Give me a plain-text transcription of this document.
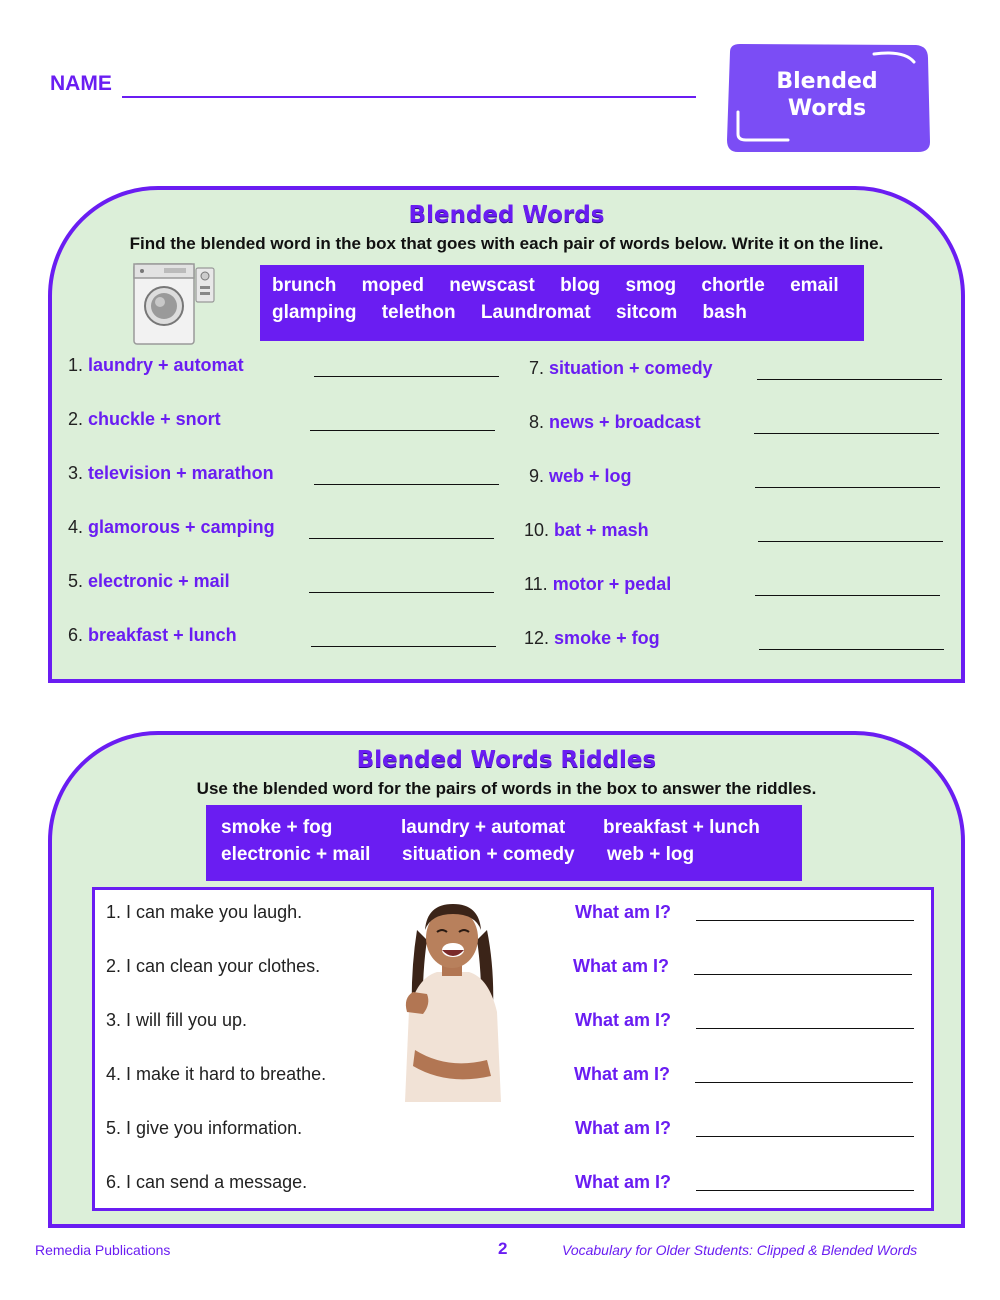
NAME	Blended
Words
Blended Words
Find the blended word in the box that goes with each pair of words below. Write it on the line.
brunch moped newscast blog smog chortle email
glamping telethon Laundromat sitcom bash
1. laundry + automat
2. chuckle + snort
3. television + marathon
4. glamorous + camping
5. electronic + mail
6. breakfast + lunch
7. situation + comedy
8. news + broadcast
9. web + log
10. bat + mash
11. motor + pedal
12. smoke + fog
Blended Words Riddles
Use the blended word for the pairs of words in the box to answer the riddles.
smoke + fog	laundry + automat breakfast + lunch
electronic + mail situation + comedy web + log
1. I can make you laugh.	What am I?
2. I can clean your clothes.	What am I?
3. I will fill you up.	What am I?
4. I make it hard to breathe.	What am I?
5. I give you information.	What am I?
6. I can send a message.	What am I?
Remedia Publications	2	Vocabulary for Older Students: Clipped & Blended Words
